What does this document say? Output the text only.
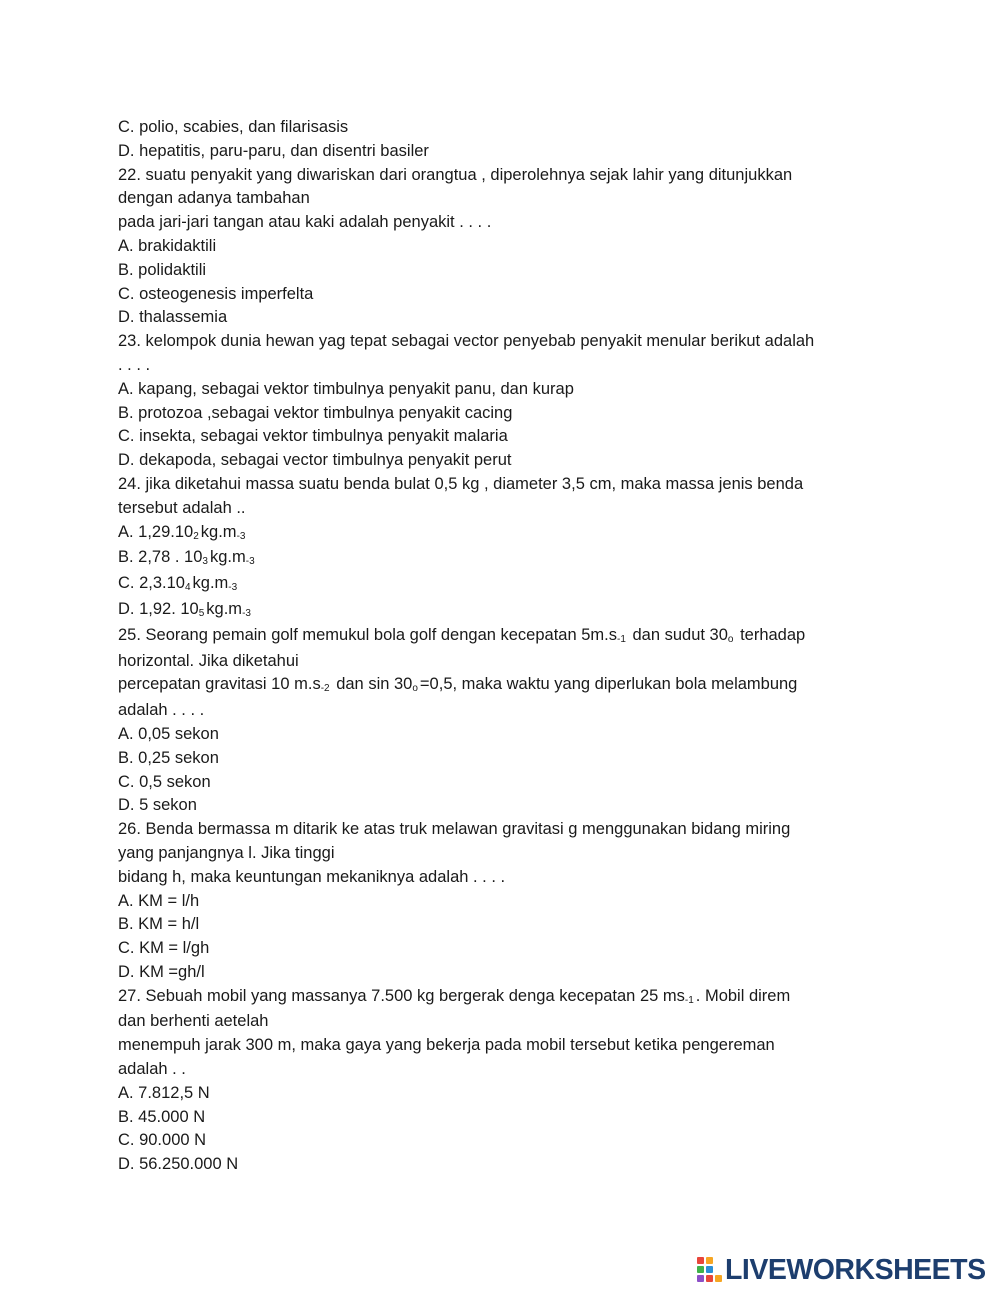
C. polio, scabies, dan filarisasis
D. hepatitis, paru-paru, dan disentri basiler
22. suatu penyakit yang diwariskan dari orangtua , diperolehnya sejak lahir yang ditunjukkan
dengan adanya tambahan
pada jari-jari tangan atau kaki adalah penyakit . . . .
A. brakidaktili
B. polidaktili
C. osteogenesis imperfelta
D. thalassemia
23. kelompok dunia hewan yag tepat sebagai vector penyebab penyakit menular berikut adalah
. . . .
A. kapang, sebagai vektor timbulnya penyakit panu, dan kurap
B. protozoa ,sebagai vektor timbulnya penyakit cacing
C. insekta, sebagai vektor timbulnya penyakit malaria
D. dekapoda, sebagai vector timbulnya penyakit perut
24. jika diketahui massa suatu benda bulat 0,5 kg , diameter 3,5 cm, maka massa jenis benda
tersebut adalah ..
A. 1,29.102 kg.m-3
B. 2,78 . 103 kg.m-3
C. 2,3.104 kg.m-3
D. 1,92. 105 kg.m-3
25. Seorang pemain golf memukul bola golf dengan kecepatan 5m.s-1 dan sudut 30o terhadap
horizontal. Jika diketahui
percepatan gravitasi 10 m.s-2 dan sin 30o =0,5, maka waktu yang diperlukan bola melambung
adalah . . . .
A. 0,05 sekon
B. 0,25 sekon
C. 0,5 sekon
D. 5 sekon
26. Benda bermassa m ditarik ke atas truk melawan gravitasi g menggunakan bidang miring
yang panjangnya l. Jika tinggi
bidang h, maka keuntungan mekaniknya adalah . . . .
A. KM = l/h
B. KM = h/l
C. KM = l/gh
D. KM =gh/l
27. Sebuah mobil yang massanya 7.500 kg bergerak denga kecepatan 25 ms-1 . Mobil direm
dan berhenti aetelah
menempuh jarak 300 m, maka gaya yang bekerja pada mobil tersebut ketika pengereman
adalah . .
A. 7.812,5 N
B. 45.000 N
C. 90.000 N
D. 56.250.000 N
LIVEWORKSHEETS
